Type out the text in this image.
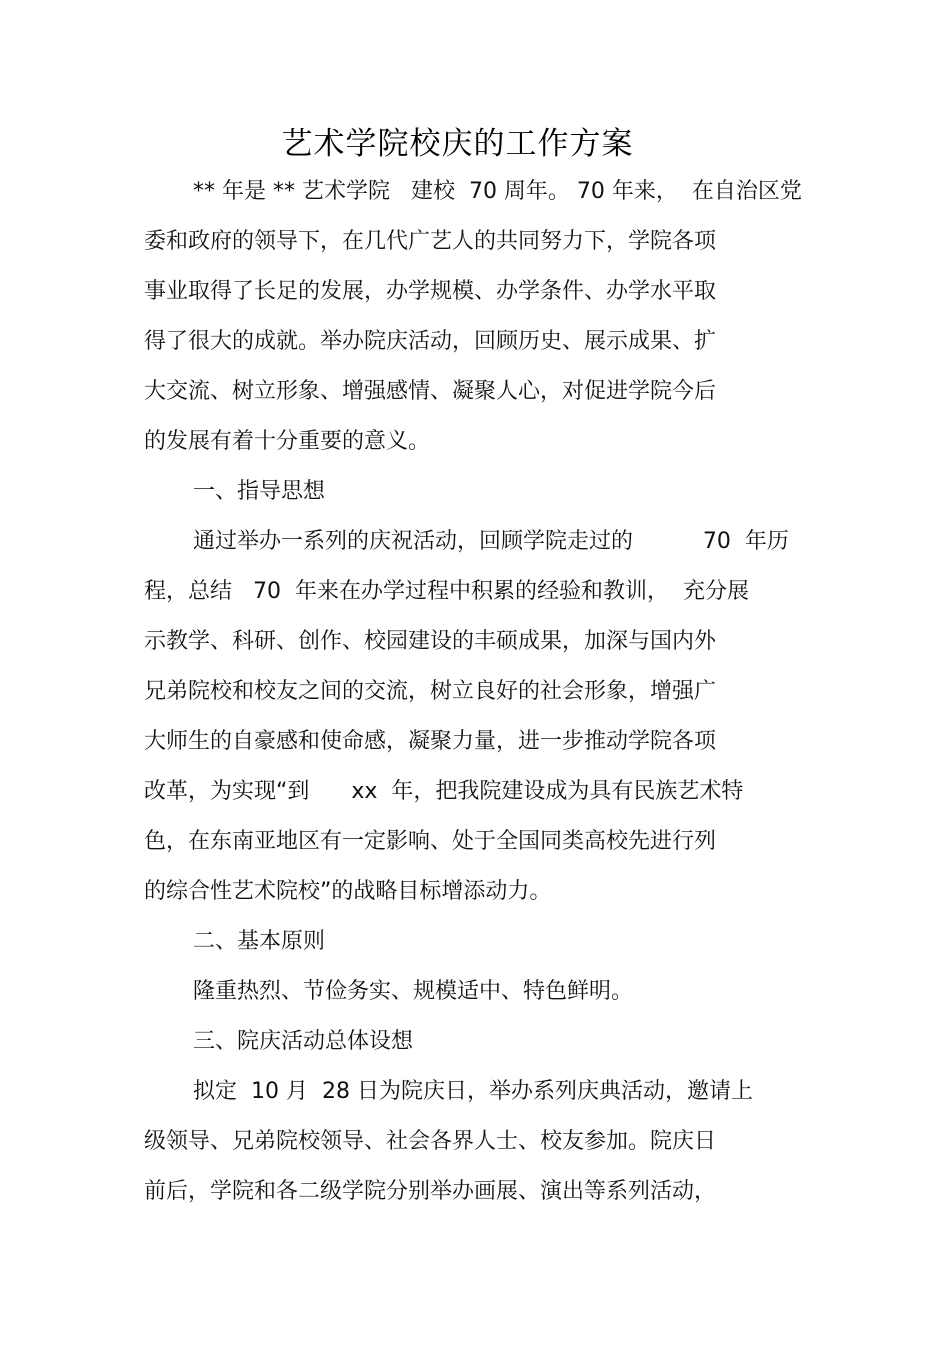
艺术学院校庆的工作方案
** 年是 ** 艺术学院   建校  70 周年。 70 年来，  在自治区党
委和政府的领导下，在几代广艺人的共同努力下，学院各项
事业取得了长足的发展，办学规模、办学条件、办学水平取
得了很大的成就。举办院庆活动，回顾历史、展示成果、扩
大交流、树立形象、增强感情、凝聚人心，对促进学院今后
的发展有着十分重要的意义。
一、指导思想
通过举办一系列的庆祝活动，回顾学院走过的          70  年历
程，总结   70  年来在办学过程中积累的经验和教训，  充分展
示教学、科研、创作、校园建设的丰硕成果，加深与国内外
兄弟院校和校友之间的交流，树立良好的社会形象，增强广
大师生的自豪感和使命感，凝聚力量，进一步推动学院各项
改革，为实现“到      xx  年，把我院建设成为具有民族艺术特
色，在东南亚地区有一定影响、处于全国同类高校先进行列
的综合性艺术院校”的战略目标增添动力。
二、基本原则
隆重热烈、节俭务实、规模适中、特色鲜明。
三、院庆活动总体设想
拟定  10 月  28 日为院庆日，举办系列庆典活动，邀请上
级领导、兄弟院校领导、社会各界人士、校友参加。院庆日
前后，学院和各二级学院分别举办画展、演出等系列活动，
